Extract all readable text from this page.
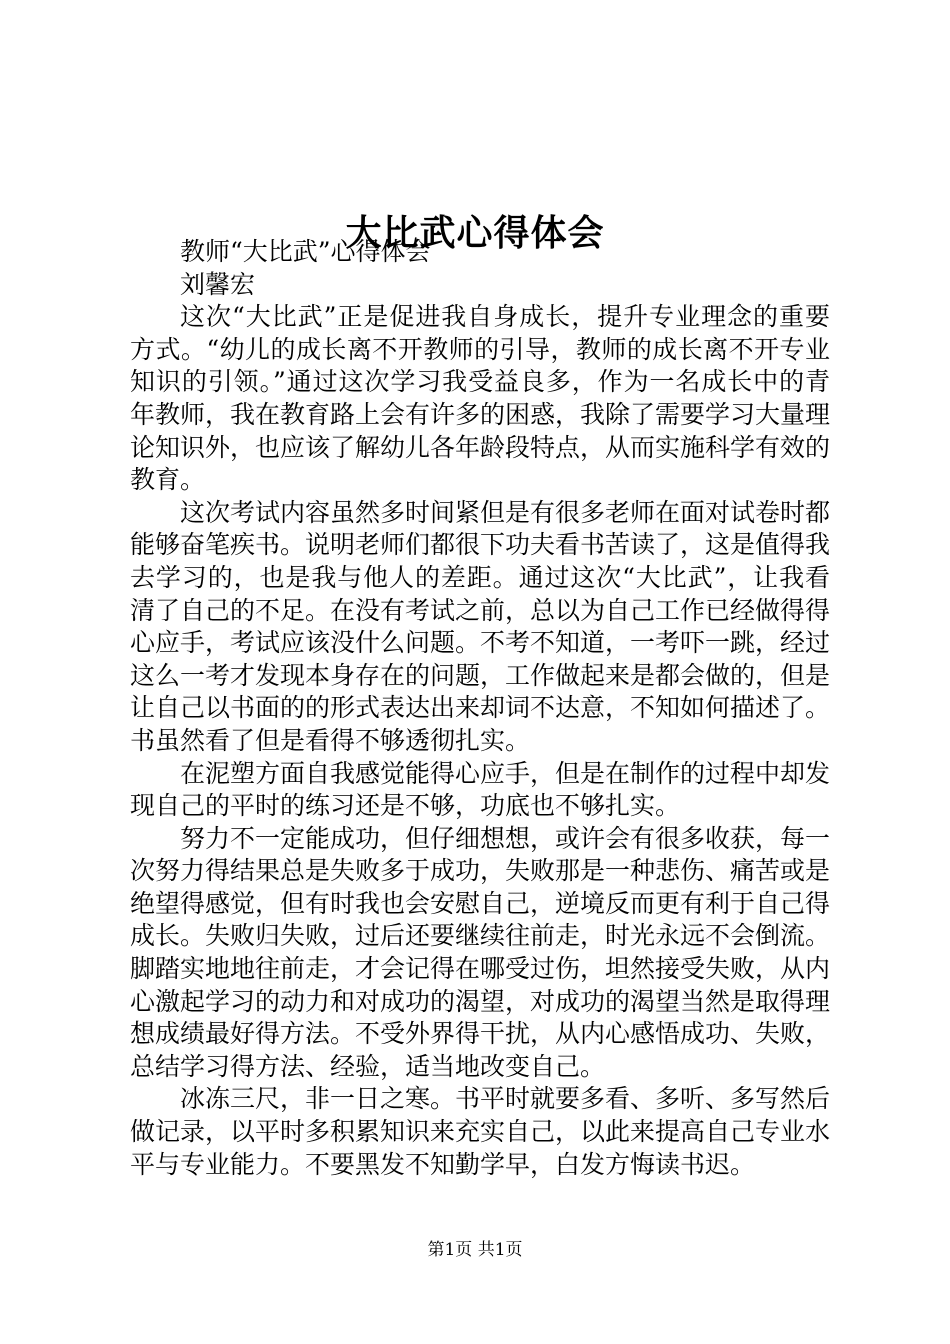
大比武心得体会

教师“大比武”心得体会

刘馨宏

这次“大比武”正是促进我自身成长，提升专业理念的重要方式。“幼儿的成长离不开教师的引导，教师的成长离不开专业知识的引领。”通过这次学习我受益良多，作为一名成长中的青年教师，我在教育路上会有许多的困惑，我除了需要学习大量理论知识外，也应该了解幼儿各年龄段特点，从而实施科学有效的教育。

这次考试内容虽然多时间紧但是有很多老师在面对试卷时都能够奋笔疾书。说明老师们都很下功夫看书苦读了，这是值得我去学习的，也是我与他人的差距。通过这次“大比武”，让我看清了自己的不足。在没有考试之前，总以为自己工作已经做得得心应手，考试应该没什么问题。不考不知道，一考吓一跳，经过这么一考才发现本身存在的问题，工作做起来是都会做的，但是让自己以书面的的形式表达出来却词不达意，不知如何描述了。书虽然看了但是看得不够透彻扎实。

在泥塑方面自我感觉能得心应手，但是在制作的过程中却发现自己的平时的练习还是不够，功底也不够扎实。

努力不一定能成功，但仔细想想，或许会有很多收获，每一次努力得结果总是失败多于成功，失败那是一种悲伤、痛苦或是绝望得感觉，但有时我也会安慰自己，逆境反而更有利于自己得成长。失败归失败，过后还要继续往前走，时光永远不会倒流。脚踏实地地往前走，才会记得在哪受过伤，坦然接受失败，从内心激起学习的动力和对成功的渴望，对成功的渴望当然是取得理想成绩最好得方法。不受外界得干扰，从内心感悟成功、失败，总结学习得方法、经验，适当地改变自己。

冰冻三尺，非一日之寒。书平时就要多看、多听、多写然后做记录，以平时多积累知识来充实自己，以此来提高自己专业水平与专业能力。不要黑发不知勤学早，白发方悔读书迟。

第1页 共1页
